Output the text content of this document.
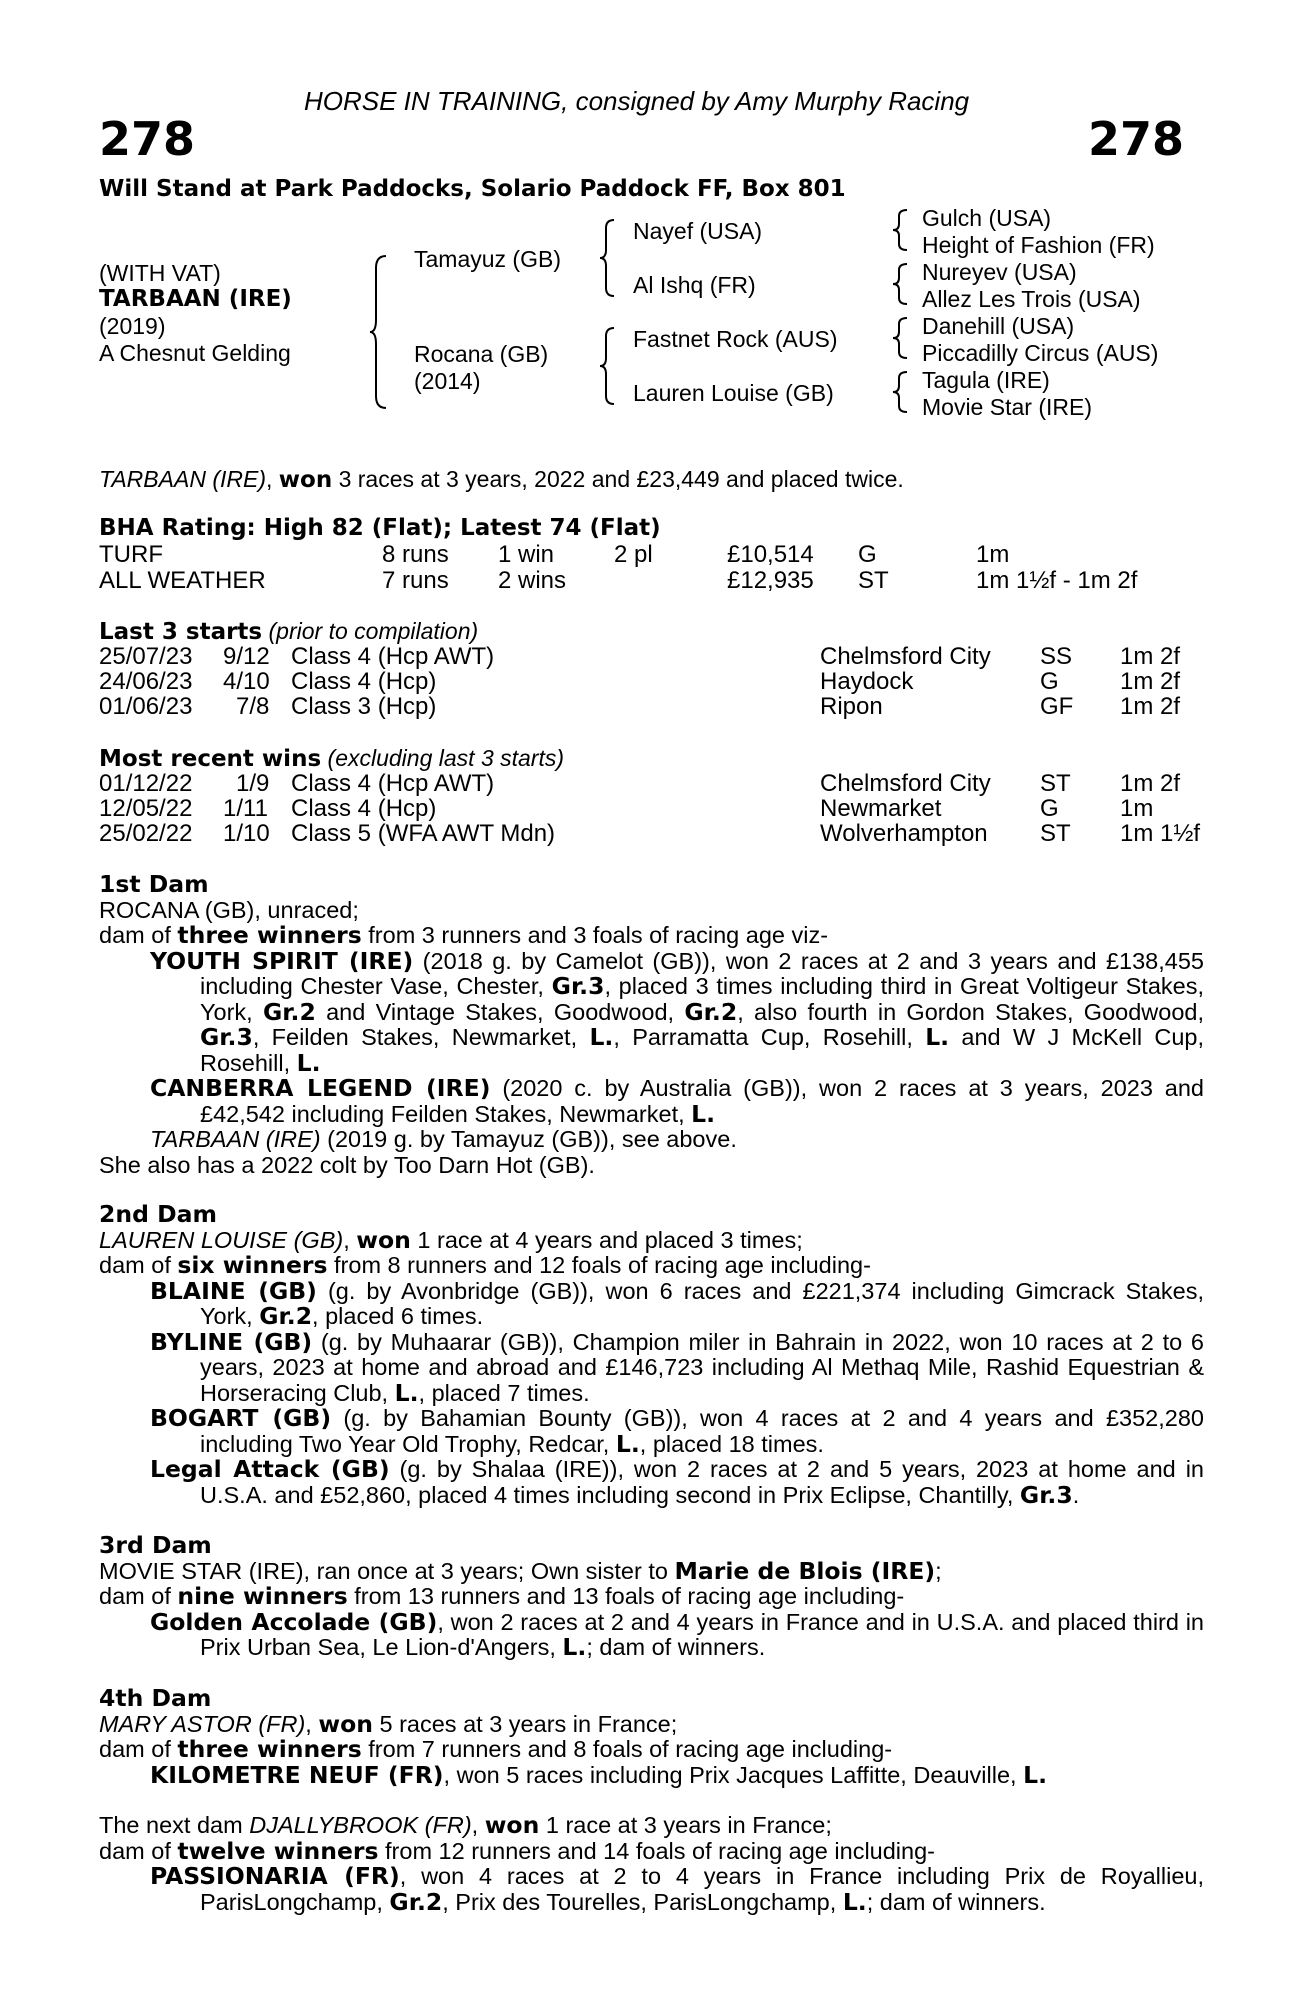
HORSE IN TRAINING, consigned by Amy Murphy Racing
278	278
Will Stand at Park Paddocks, Solario Paddock FF, Box 801
(WITH VAT)
TARBAAN (IRE)
(2019)
A Chesnut Gelding
Tamayuz (GB)
Rocana (GB)
(2014)
Nayef (USA)
Al Ishq (FR)
Fastnet Rock (AUS)
Lauren Louise (GB)
Gulch (USA)
Height of Fashion (FR)
Nureyev (USA)
Allez Les Trois (USA)
Danehill (USA)
Piccadilly Circus (AUS)
Tagula (IRE)
Movie Star (IRE)
TARBAAN (IRE), won 3 races at 3 years, 2022 and £23,449 and placed twice.
BHA Rating: High 82 (Flat); Latest 74 (Flat)
TURF	8 runs 1 win 2 pl	£10,514 G	1m
ALL WEATHER	7 runs 2 wins	£12,935 ST	1m 1½f - 1m 2f
Last 3 starts (prior to compilation)
25/07/23 9/12 Class 4 (Hcp AWT)	Chelmsford City SS 1m 2f
24/06/23 4/10 Class 4 (Hcp)	Haydock	G	1m 2f
01/06/23 7/8 Class 3 (Hcp)	Ripon	GF 1m 2f
Most recent wins (excluding last 3 starts)
01/12/22 1/9 Class 4 (Hcp AWT)	Chelmsford City ST 1m 2f
12/05/22 1/11 Class 4 (Hcp)	Newmarket	G	1m
25/02/22 1/10 Class 5 (WFA AWT Mdn)	Wolverhampton ST 1m 1½f

1st Dam

ROCANA (GB), unraced;

dam of three winners from 3 runners and 3 foals of racing age viz-

YOUTH SPIRIT (IRE) (2018 g. by Camelot (GB)), won 2 races at 2 and 3 years and £138,455 including Chester Vase, Chester, Gr.3, placed 3 times including third in Great Voltigeur Stakes, York, Gr.2 and Vintage Stakes, Goodwood, Gr.2, also fourth in Gordon Stakes, Goodwood, Gr.3, Feilden Stakes, Newmarket, L., Parramatta Cup, Rosehill, L. and W J McKell Cup, Rosehill, L.

CANBERRA LEGEND (IRE) (2020 c. by Australia (GB)), won 2 races at 3 years, 2023 and £42,542 including Feilden Stakes, Newmarket, L.

TARBAAN (IRE) (2019 g. by Tamayuz (GB)), see above.

She also has a 2022 colt by Too Darn Hot (GB).

2nd Dam

LAUREN LOUISE (GB), won 1 race at 4 years and placed 3 times;

dam of six winners from 8 runners and 12 foals of racing age including-

BLAINE (GB) (g. by Avonbridge (GB)), won 6 races and £221,374 including Gimcrack Stakes, York, Gr.2, placed 6 times.

BYLINE (GB) (g. by Muhaarar (GB)), Champion miler in Bahrain in 2022, won 10 races at 2 to 6 years, 2023 at home and abroad and £146,723 including Al Methaq Mile, Rashid Equestrian & Horseracing Club, L., placed 7 times.

BOGART (GB) (g. by Bahamian Bounty (GB)), won 4 races at 2 and 4 years and £352,280 including Two Year Old Trophy, Redcar, L., placed 18 times.

Legal Attack (GB) (g. by Shalaa (IRE)), won 2 races at 2 and 5 years, 2023 at home and in U.S.A. and £52,860, placed 4 times including second in Prix Eclipse, Chantilly, Gr.3.

3rd Dam

MOVIE STAR (IRE), ran once at 3 years; Own sister to Marie de Blois (IRE);

dam of nine winners from 13 runners and 13 foals of racing age including-

Golden Accolade (GB), won 2 races at 2 and 4 years in France and in U.S.A. and placed third in Prix Urban Sea, Le Lion-d'Angers, L.; dam of winners.

4th Dam

MARY ASTOR (FR), won 5 races at 3 years in France;

dam of three winners from 7 runners and 8 foals of racing age including-

KILOMETRE NEUF (FR), won 5 races including Prix Jacques Laffitte, Deauville, L.

The next dam DJALLYBROOK (FR), won 1 race at 3 years in France;

dam of twelve winners from 12 runners and 14 foals of racing age including-

PASSIONARIA (FR), won 4 races at 2 to 4 years in France including Prix de Royallieu, ParisLongchamp, Gr.2, Prix des Tourelles, ParisLongchamp, L.; dam of winners.
